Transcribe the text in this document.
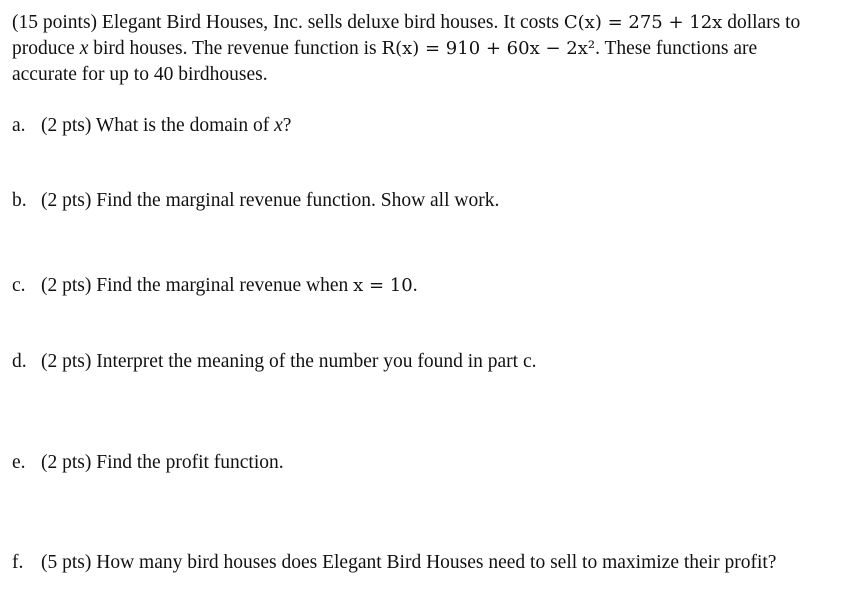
(15 points) Elegant Bird Houses, Inc. sells deluxe bird houses. It costs C(x) = 275 + 12x dollars to

produce x bird houses. The revenue function is R(x) = 910 + 60x − 2x². These functions are

accurate for up to 40 birdhouses.

a. (2 pts) What is the domain of x?
b. (2 pts) Find the marginal revenue function. Show all work.
c. (2 pts) Find the marginal revenue when x = 10.
d. (2 pts) Interpret the meaning of the number you found in part c.
e. (2 pts) Find the profit function.
f. (5 pts) How many bird houses does Elegant Bird Houses need to sell to maximize their profit?
